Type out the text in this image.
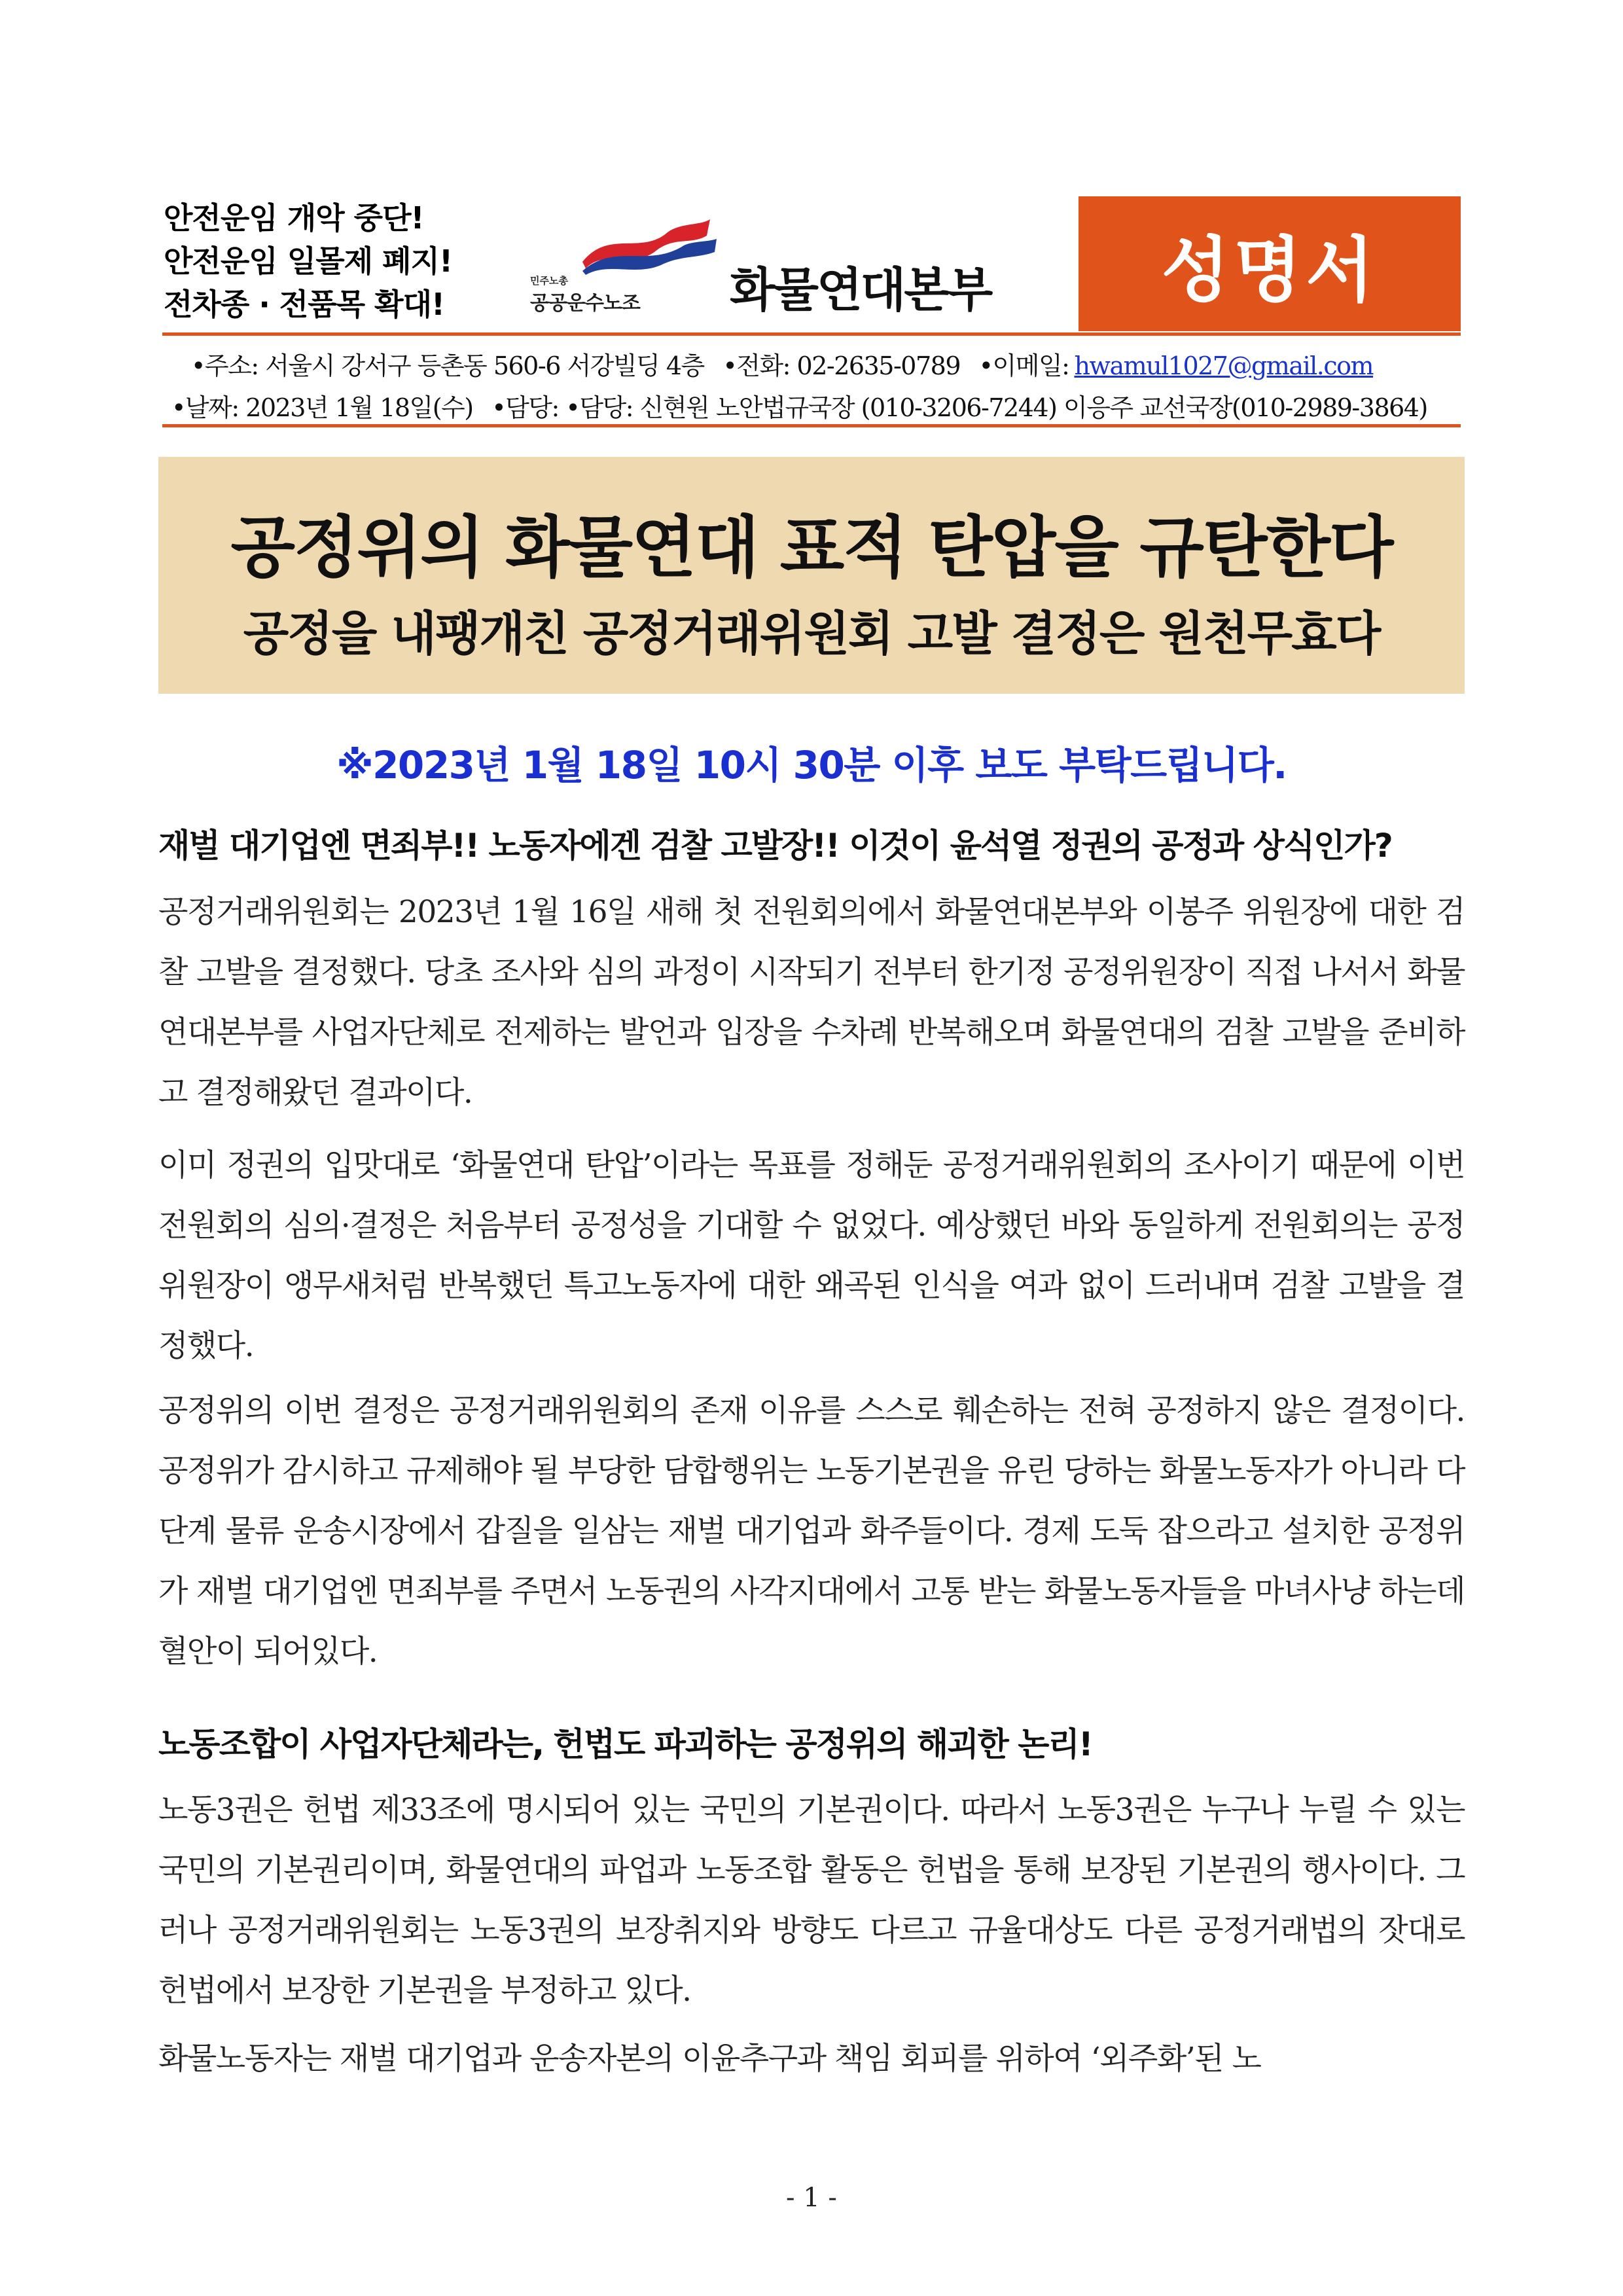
안전운임 개악 중단!
안전운임 일몰제 폐지!
전차종 · 전품목 확대!
민주노총
공공운수노조 화물연대본부 성명서
•주소: 서울시 강서구 등촌동 560-6 서강빌딩 4층 •전화: 02-2635-0789 •이메일: hwamul1027@gmail.com
•날짜: 2023년 1월 18일(수) •담당: •담당: 신현원 노안법규국장 (010-3206-7244) 이응주 교선국장(010-2989-3864)
공정위의 화물연대 표적 탄압을 규탄한다
공정을 내팽개친 공정거래위원회 고발 결정은 원천무효다
※2023년 1월 18일 10시 30분 이후 보도 부탁드립니다.
재벌 대기업엔 면죄부!! 노동자에겐 검찰 고발장!! 이것이 윤석열 정권의 공정과 상식인가?
공정거래위원회는 2023년 1월 16일 새해 첫 전원회의에서 화물연대본부와 이봉주 위원장에 대한 검찰 고발을 결정했다. 당초 조사와 심의 과정이 시작되기 전부터 한기정 공정위원장이 직접 나서서 화물연대본부를 사업자단체로 전제하는 발언과 입장을 수차례 반복해오며 화물연대의 검찰 고발을 준비하고 결정해왔던 결과이다.
이미 정권의 입맛대로 ‘화물연대 탄압’이라는 목표를 정해둔 공정거래위원회의 조사이기 때문에 이번 전원회의 심의·결정은 처음부터 공정성을 기대할 수 없었다. 예상했던 바와 동일하게 전원회의는 공정위원장이 앵무새처럼 반복했던 특고노동자에 대한 왜곡된 인식을 여과 없이 드러내며 검찰 고발을 결정했다.
공정위의 이번 결정은 공정거래위원회의 존재 이유를 스스로 훼손하는 전혀 공정하지 않은 결정이다. 공정위가 감시하고 규제해야 될 부당한 담합행위는 노동기본권을 유린 당하는 화물노동자가 아니라 다단계 물류 운송시장에서 갑질을 일삼는 재벌 대기업과 화주들이다. 경제 도둑 잡으라고 설치한 공정위가 재벌 대기업엔 면죄부를 주면서 노동권의 사각지대에서 고통 받는 화물노동자들을 마녀사냥 하는데 혈안이 되어있다.
노동조합이 사업자단체라는, 헌법도 파괴하는 공정위의 해괴한 논리!
노동3권은 헌법 제33조에 명시되어 있는 국민의 기본권이다. 따라서 노동3권은 누구나 누릴 수 있는 국민의 기본권리이며, 화물연대의 파업과 노동조합 활동은 헌법을 통해 보장된 기본권의 행사이다. 그러나 공정거래위원회는 노동3권의 보장취지와 방향도 다르고 규율대상도 다른 공정거래법의 잣대로 헌법에서 보장한 기본권을 부정하고 있다.
화물노동자는 재벌 대기업과 운송자본의 이윤추구과 책임 회피를 위하여 ‘외주화’된 노
- 1 -
